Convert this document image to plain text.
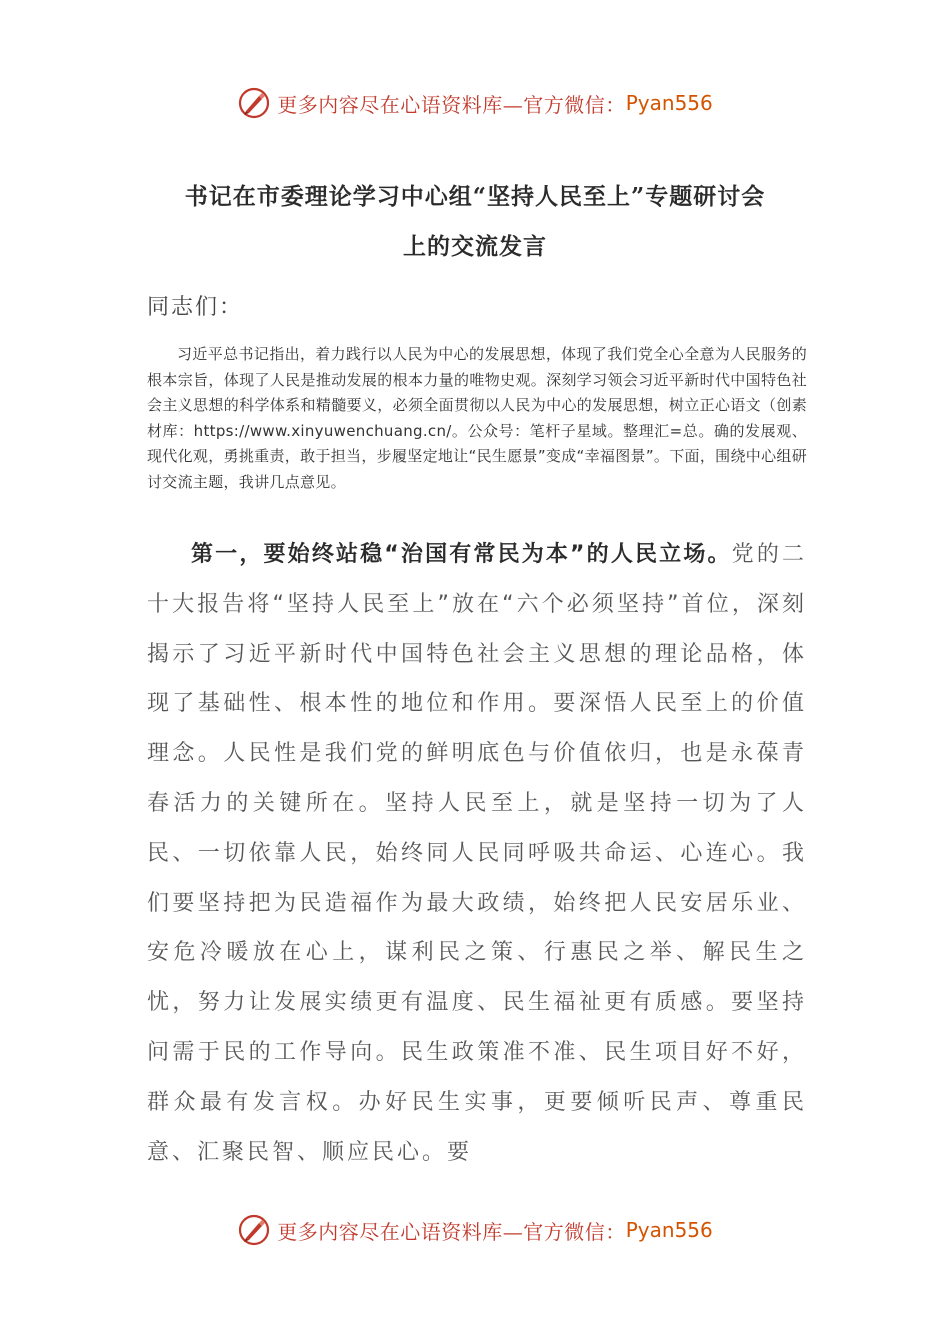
更多内容尽在心语资料库—官方微信： Pyan556
书记在市委理论学习中心组“坚持人民至上”专题研讨会
上的交流发言
同志们：
习近平总书记指出，着力践行以人民为中心的发展思想，体现了我们党全心全意为人民服务的根本宗旨，体现了人民是推动发展的根本力量的唯物史观。深刻学习领会习近平新时代中国特色社会主义思想的科学体系和精髓要义，必须全面贯彻以人民为中心的发展思想，树立正心语文（创素材库：https://www.xinyuwenchuang.cn/。公众号：笔杆子星域。整理汇=总。确的发展观、现代化观，勇挑重责，敢于担当，步履坚定地让“民生愿景”变成“幸福图景”。下面，围绕中心组研讨交流主题，我讲几点意见。
第一，要始终站稳“治国有常民为本”的人民立场。党的二十大报告将“坚持人民至上”放在“六个必须坚持”首位，深刻揭示了习近平新时代中国特色社会主义思想的理论品格，体现了基础性、根本性的地位和作用。要深悟人民至上的价值理念。人民性是我们党的鲜明底色与价值依归，也是永葆青春活力的关键所在。坚持人民至上，就是坚持一切为了人民、一切依靠人民，始终同人民同呼吸共命运、心连心。我们要坚持把为民造福作为最大政绩，始终把人民安居乐业、安危冷暖放在心上，谋利民之策、行惠民之举、解民生之忧，努力让发展实绩更有温度、民生福祉更有质感。要坚持问需于民的工作导向。民生政策准不准、民生项目好不好，群众最有发言权。办好民生实事，更要倾听民声、尊重民意、汇聚民智、顺应民心。要
更多内容尽在心语资料库—官方微信： Pyan556
